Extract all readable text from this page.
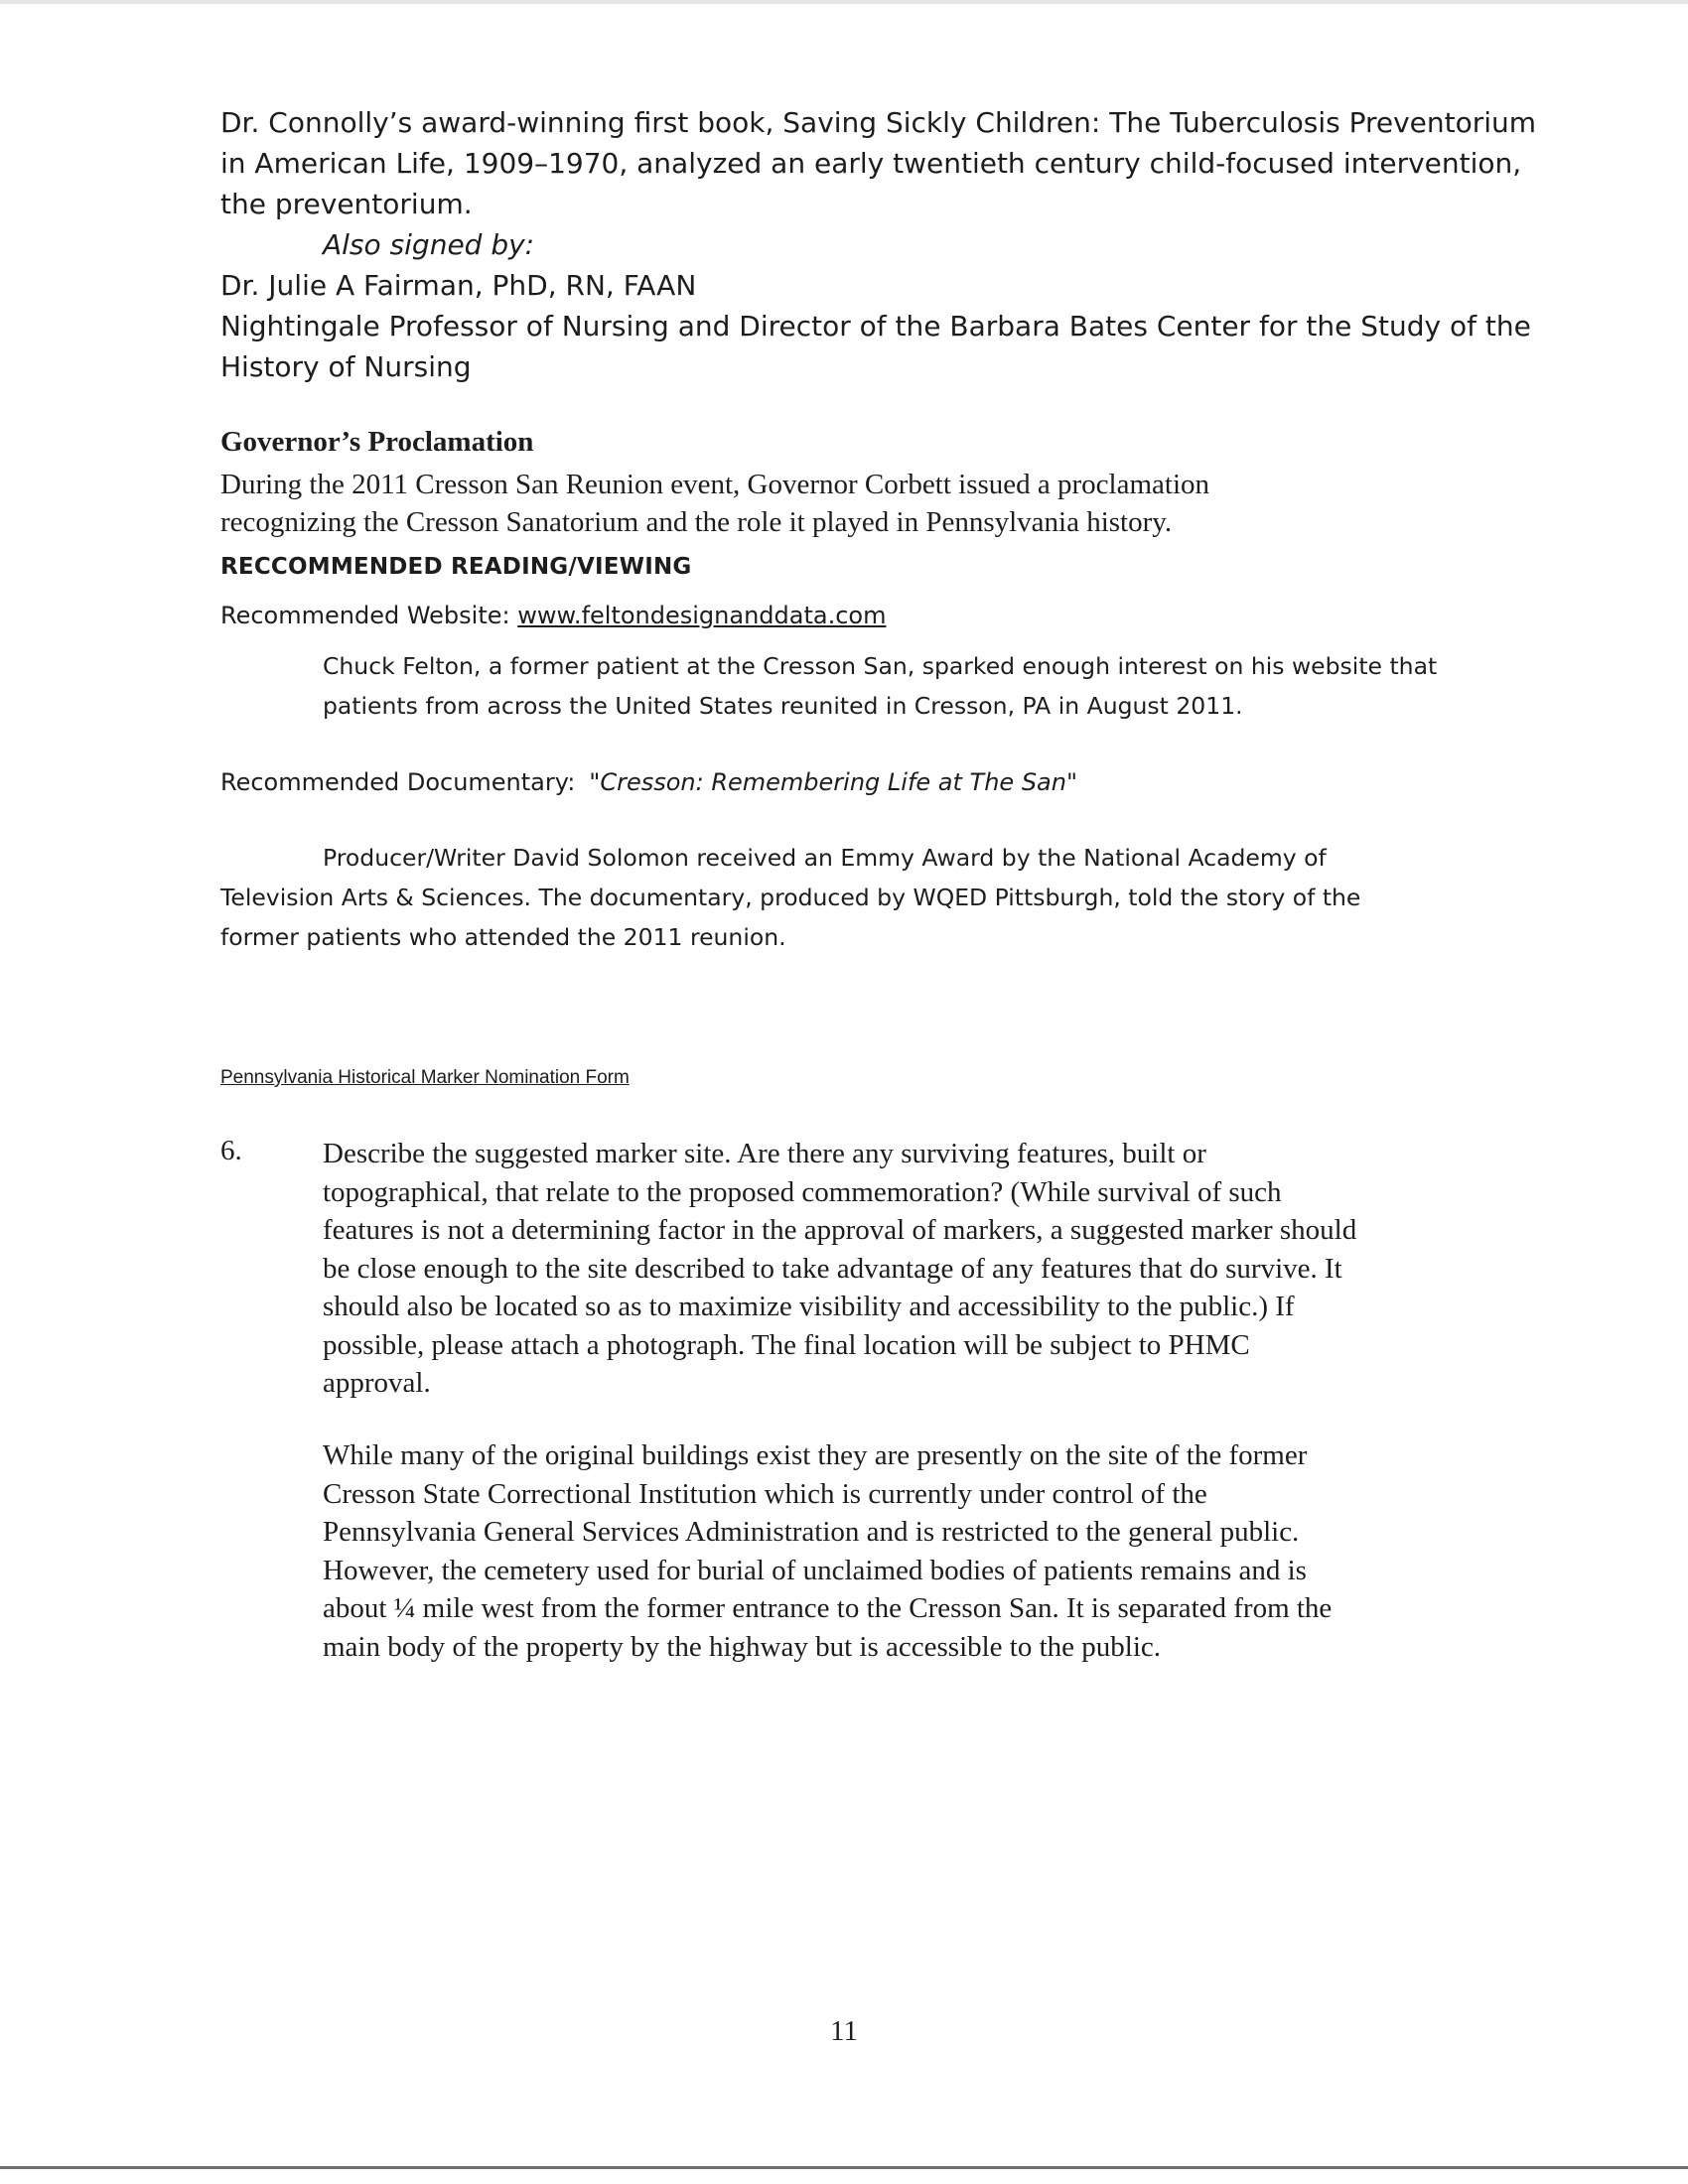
Dr. Connolly’s award-winning first book, Saving Sickly Children: The Tuberculosis Preventorium
in American Life, 1909–1970, analyzed an early twentieth century child-focused intervention,
the preventorium.
Also signed by:
Dr. Julie A Fairman, PhD, RN, FAAN
Nightingale Professor of Nursing and Director of the Barbara Bates Center for the Study of the
History of Nursing
Governor’s Proclamation
During the 2011 Cresson San Reunion event, Governor Corbett issued a proclamation
recognizing the Cresson Sanatorium and the role it played in Pennsylvania history.
RECCOMMENDED READING/VIEWING
Recommended Website: www.feltondesignanddata.com
Chuck Felton, a former patient at the Cresson San, sparked enough interest on his website that
patients from across the United States reunited in Cresson, PA in August 2011.
Recommended Documentary: "Cresson: Remembering Life at The San"
Producer/Writer David Solomon received an Emmy Award by the National Academy of
Television Arts & Sciences. The documentary, produced by WQED Pittsburgh, told the story of the
former patients who attended the 2011 reunion.
Pennsylvania Historical Marker Nomination Form
6.	Describe the suggested marker site. Are there any surviving features, built or
topographical, that relate to the proposed commemoration? (While survival of such
features is not a determining factor in the approval of markers, a suggested marker should
be close enough to the site described to take advantage of any features that do survive. It
should also be located so as to maximize visibility and accessibility to the public.) If
possible, please attach a photograph. The final location will be subject to PHMC
approval.
While many of the original buildings exist they are presently on the site of the former
Cresson State Correctional Institution which is currently under control of the
Pennsylvania General Services Administration and is restricted to the general public.
However, the cemetery used for burial of unclaimed bodies of patients remains and is
about ¼ mile west from the former entrance to the Cresson San. It is separated from the
main body of the property by the highway but is accessible to the public.
11
